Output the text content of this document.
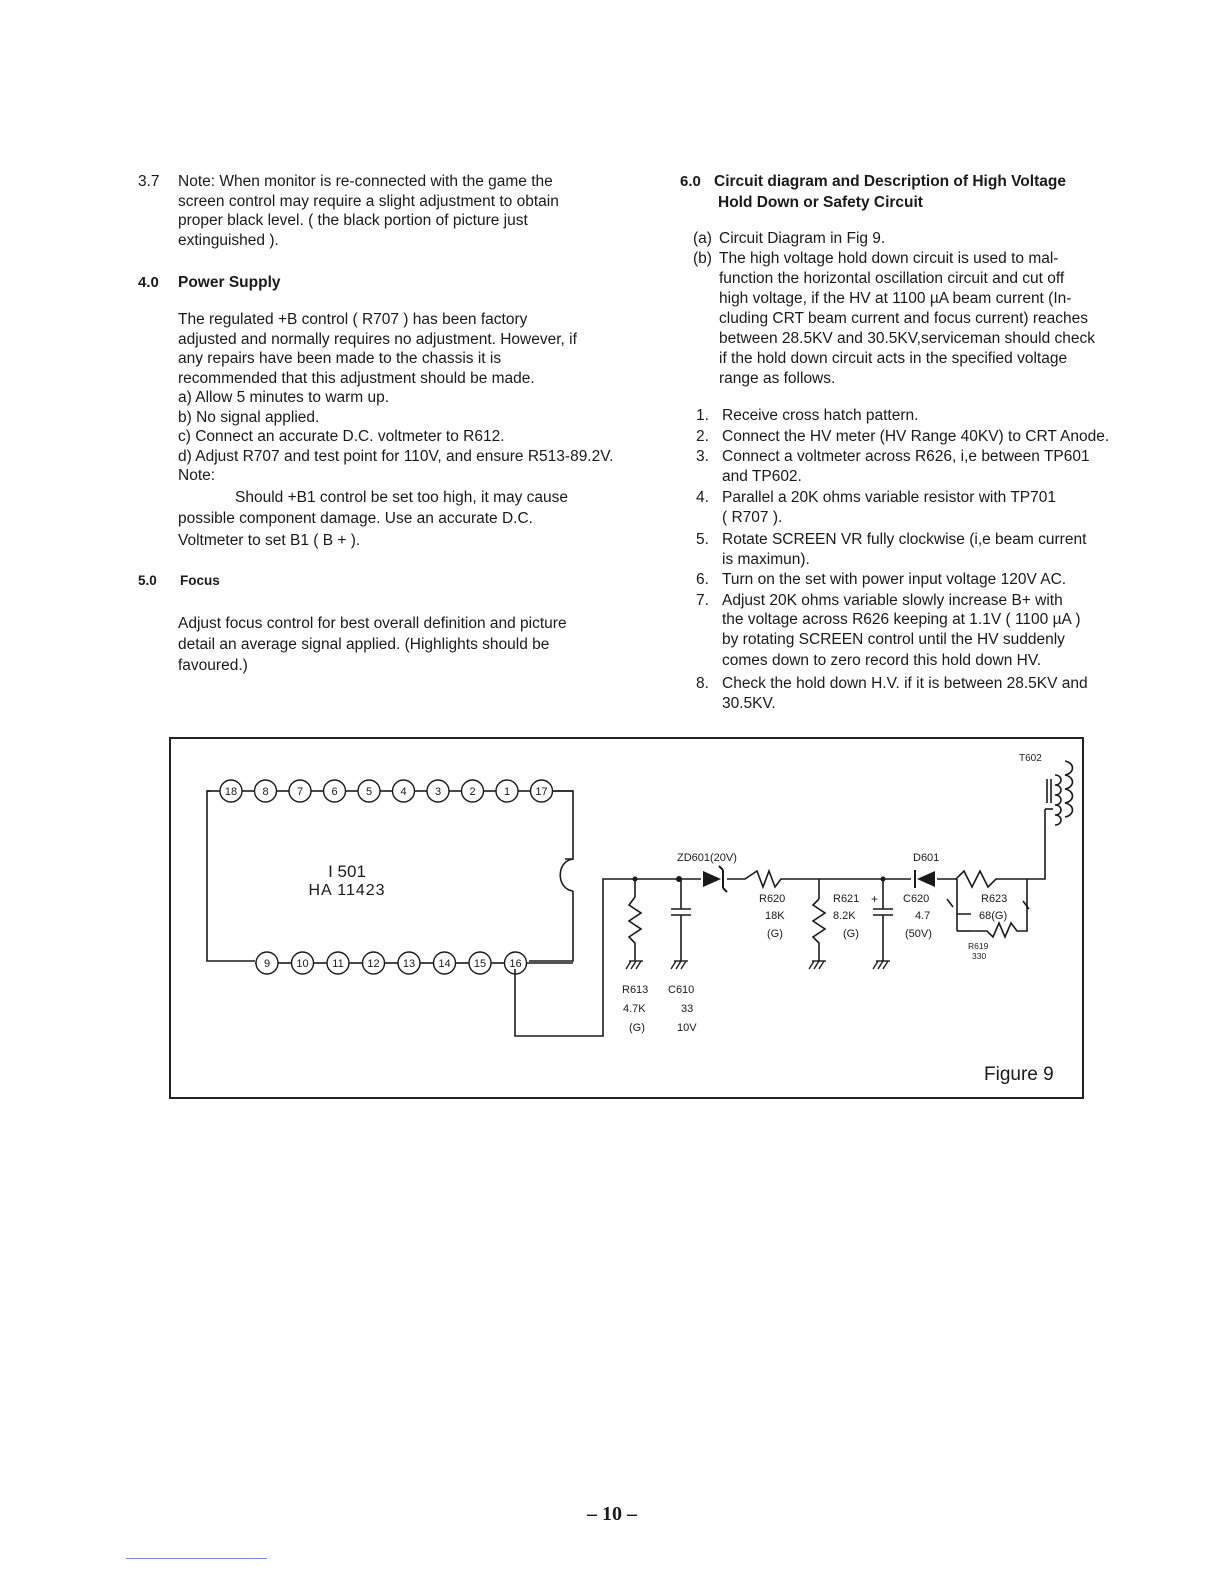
3.7 Note: When monitor is re-connected with the game the

screen control may require a slight adjustment to obtain

proper black level. ( the black portion of picture just

extinguished ).

4.0 Power Supply

The regulated +B control ( R707 ) has been factory

adjusted and normally requires no adjustment. However, if

any repairs have been made to the chassis it is

recommended that this adjustment should be made.

a) Allow 5 minutes to warm up.

b) No signal applied.

c) Connect an accurate D.C. voltmeter to R612.

d) Adjust R707 and test point for 110V, and ensure R513-89.2V.

Note:

Should +B1 control be set too high, it may cause

possible component damage. Use an accurate D.C.

Voltmeter to set B1 ( B + ).

5.0 Focus

Adjust focus control for best overall definition and picture

detail an average signal applied. (Highlights should be

favoured.)

6.0 Circuit diagram and Description of High Voltage
Hold Down or Safety Circuit
(a) Circuit Diagram in Fig 9.
(b) The high voltage hold down circuit is used to mal-

function the horizontal oscillation circuit and cut off

high voltage, if the HV at 1100 µA beam current (In-

cluding CRT beam current and focus current) reaches

between 28.5KV and 30.5KV,serviceman should check

if the hold down circuit acts in the specified voltage

range as follows.

1. Receive cross hatch pattern.
2. Connect the HV meter (HV Range 40KV) to CRT Anode.
3. Connect a voltmeter across R626, i,e between TP601
and TP602.
4. Parallel a 20K ohms variable resistor with TP701
( R707 ).
5. Rotate SCREEN VR fully clockwise (i,e beam current
is maximun).
6. Turn on the set with power input voltage 120V AC.
7. Adjust 20K ohms variable slowly increase B+ with
the voltage across R626 keeping at 1.1V ( 1100 µA )
by rotating SCREEN control until the HV suddenly
comes down to zero record this hold down HV.
8. Check the hold down H.V. if it is between 28.5KV and
30.5KV.
18 8	7	6	5	4	3	2	1 17
9 10 11 12 13 14 15 16
I 501
HA 11423
T602
ZD601(20V)	D601
R620
18K
(G)
R621
8.2K
(G)
+ C620
4.7
(50V)
R623
68(G)
R619
330
R613
4.7K
(G)
C610
33
10V
Figure 9
– 10 –
